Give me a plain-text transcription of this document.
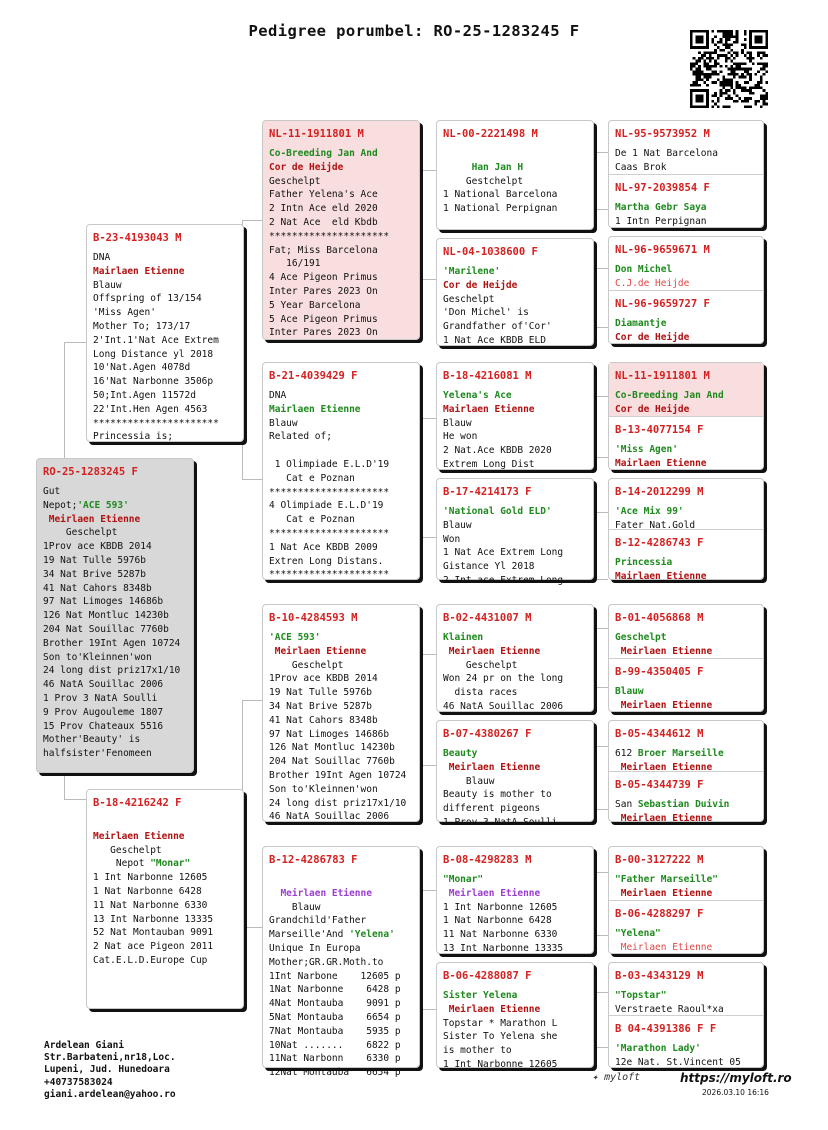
Pedigree porumbel: RO-25-1283245 F
RO-25-1283245 F
Gut
Nepot;'ACE 593'
Meirlaen Etienne
Geschelpt
1Prov ace KBDB 2014
19 Nat Tulle 5976b
34 Nat Brive 5287b
41 Nat Cahors 8348b
97 Nat Limoges 14686b
126 Nat Montluc 14230b
204 Nat Souillac 7760b
Brother 19Int Agen 10724
Son to'Kleinnen'won
24 long dist priz17x1/10
46 NatA Souillac 2006
1 Prov 3 NatA Soulli
9 Prov Augouleme 1807
15 Prov Chateaux 5516
Mother'Beauty' is
halfsister'Fenomeen
B-23-4193043 M
DNA
Mairlaen Etienne
Blauw
Offspring of 13/154
'Miss Agen'
Mother To; 173/17
2'Int.1'Nat Ace Extrem
Long Distance yl 2018
10'Nat.Agen 4078d
16'Nat Narbonne 3506p
50;Int.Agen 11572d
22'Int.Hen Agen 4563
**********************
Princessia is;
B-18-4216242 F

Meirlaen Etienne
Geschelpt
Nepot "Monar"
1 Int Narbonne 12605
1 Nat Narbonne 6428
11 Nat Narbonne 6330
13 Int Narbonne 13335
52 Nat Montauban 9091
2 Nat ace Pigeon 2011
Cat.E.L.D.Europe Cup
NL-11-1911801 M
Co-Breeding Jan And
Cor de Heijde
Geschelpt
Father Yelena's Ace
2 Intn Ace eld 2020
2 Nat Ace  eld Kbdb
*********************
Fat; Miss Barcelona
16/191
4 Ace Pigeon Primus
Inter Pares 2023 On
5 Year Barcelona
5 Ace Pigeon Primus
Inter Pares 2023 On
B-21-4039429 F
DNA
Mairlaen Etienne
Blauw
Related of;

1 Olimpiade E.L.D'19
Cat e Poznan
*********************
4 Olimpiade E.L.D'19
Cat e Poznan
*********************
1 Nat Ace KBDB 2009
Extren Long Distans.
*********************
B-10-4284593 M
'ACE 593'
Meirlaen Etienne
Geschelpt
1Prov ace KBDB 2014
19 Nat Tulle 5976b
34 Nat Brive 5287b
41 Nat Cahors 8348b
97 Nat Limoges 14686b
126 Nat Montluc 14230b
204 Nat Souillac 7760b
Brother 19Int Agen 10724
Son to'Kleinnen'won
24 long dist priz17x1/10
46 NatA Souillac 2006
B-12-4286783 F

Meirlaen Etienne
Blauw
Grandchild'Father
Marseille'And 'Yelena'
Unique In Europa
Mother;GR.GR.Moth.to
1Int Narbone    12605 p
1Nat Narbonne    6428 p
4Nat Montauba    9091 p
5Nat Montauba    6654 p
7Nat Montauba    5935 p
10Nat .......    6822 p
11Nat Narbonn    6330 p
12Nat Montauba   6654 p
NL-00-2221498 M

Han Jan H
Gestchelpt
1 National Barcelona
1 National Perpignan
NL-04-1038600 F
'Marilene'
Cor de Heijde
Geschelpt
'Don Michel' is
Grandfather of'Cor'
1 Nat Ace KBDB ELD
B-18-4216081 M
Yelena's Ace
Mairlaen Etienne
Blauw
He won
2 Nat.Ace KBDB 2020
Extrem Long Dist
B-17-4214173 F
'National Gold ELD'
Blauw
Won
1 Nat Ace Extrem Long
Gistance Yl 2018
2 Int ace Extrem Long
B-02-4431007 M
Klainen
Meirlaen Etienne
Geschelpt
Won 24 pr on the long
dista races
46 NatA Souillac 2006
B-07-4380267 F
Beauty
Meirlaen Etienne
Blauw
Beauty is mother to
different pigeons
1 Prov 3 NatA Soulli
B-08-4298283 M
"Monar"
Meirlaen Etienne
1 Int Narbonne 12605
1 Nat Narbonne 6428
11 Nat Narbonne 6330
13 Int Narbonne 13335
B-06-4288087 F
Sister Yelena
Meirlaen Etienne
Topstar * Marathon L
Sister To Yelena she
is mother to
1 Int Narbonne 12605
NL-95-9573952 M
De 1 Nat Barcelona
Caas Brok
NL-97-2039854 F
Martha Gebr Saya
1 Intn Perpignan
NL-96-9659671 M
Don Michel
C.J.de Heijde
NL-96-9659727 F
Diamantje
Cor de Heijde
NL-11-1911801 M
Co-Breeding Jan And
Cor de Heijde
B-13-4077154 F
'Miss Agen'
Mairlaen Etienne
B-14-2012299 M
'Ace Mix 99'
Fater Nat.Gold
B-12-4286743 F
Princessia
Mairlaen Etienne
B-01-4056868 M
Geschelpt
Meirlaen Etienne
B-99-4350405 F
Blauw
Meirlaen Etienne
B-05-4344612 M
612 Broer Marseille
Meirlaen Etienne
B-05-4344739 F
San Sebastian Duivin
Meirlaen Etienne
B-00-3127222 M
"Father Marseille"
Meirlaen Etienne
B-06-4288297 F
"Yelena"
Meirlaen Etienne
B-03-4343129 M
"Topstar"
Verstraete Raoul*xa
B 04-4391386 F F
'Marathon Lady'
12e Nat. St.Vincent 05
Ardelean Giani
Str.Barbateni,nr18,Loc.
Lupeni, Jud. Hunedoara
+40737583024
giani.ardelean@yahoo.ro
✦ myloft	https://myloft.ro
2026.03.10 16:16
